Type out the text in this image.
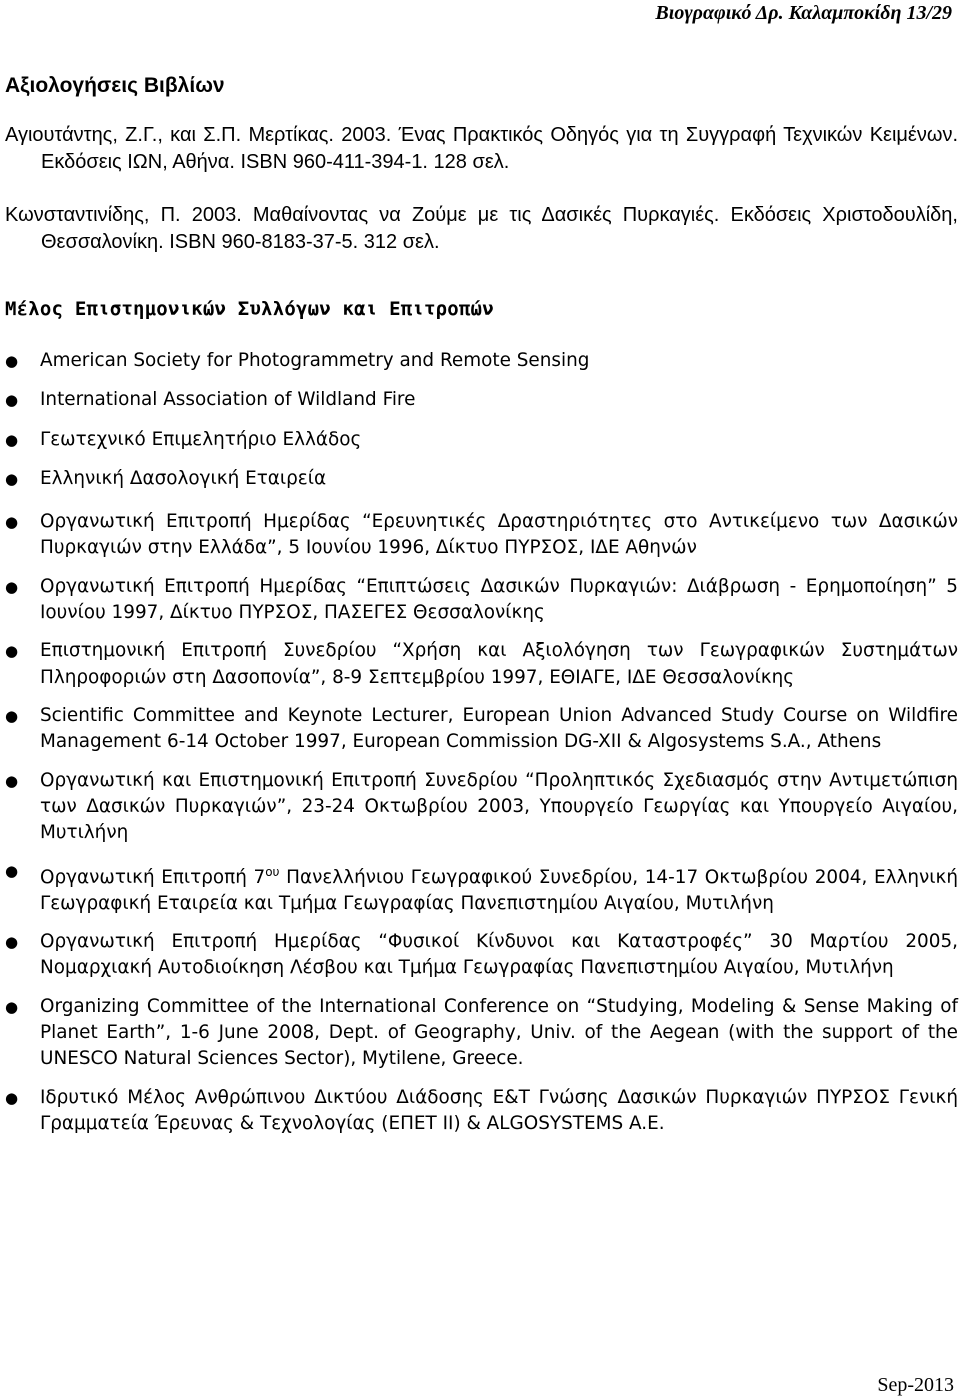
Βιογραφικό Δρ. Καλαμποκίδη 13/29
Αξιολογήσεις Βιβλίων

Αγιουτάντης, Ζ.Γ., και Σ.Π. Μερτίκας. 2003. Ένας Πρακτικός Οδηγός για τη Συγγραφή Τεχνικών Κειμένων. Εκδόσεις ΙΩΝ, Αθήνα. ISBN 960-411-394-1. 128 σελ.

Κωνσταντινίδης, Π. 2003. Μαθαίνοντας να Ζούμε με τις Δασικές Πυρκαγιές. Εκδόσεις Χριστοδουλίδη, Θεσσαλονίκη. ISBN 960-8183-37-5. 312 σελ.

Μέλος Επιστημονικών Συλλόγων και Επιτροπών
● American Society for Photogrammetry and Remote Sensing
● International Association of Wildland Fire
● Γεωτεχνικό Επιμελητήριο Ελλάδος
● Ελληνική Δασολογική Εταιρεία
● Οργανωτική Επιτροπή Ημερίδας “Ερευνητικές Δραστηριότητες στο Αντικείμενο των Δασικών Πυρκαγιών στην Ελλάδα”, 5 Ιουνίου 1996, Δίκτυο ΠΥΡΣΟΣ, ΙΔΕ Αθηνών
● Οργανωτική Επιτροπή Ημερίδας “Επιπτώσεις Δασικών Πυρκαγιών: Διάβρωση - Ερημοποίηση” 5 Ιουνίου 1997, Δίκτυο ΠΥΡΣΟΣ, ΠΑΣΕΓΕΣ Θεσσαλονίκης
● Επιστημονική Επιτροπή Συνεδρίου “Χρήση και Αξιολόγηση των Γεωγραφικών Συστημάτων Πληροφοριών στη Δασοπονία”, 8-9 Σεπτεμβρίου 1997, ΕΘΙΑΓΕ, ΙΔΕ Θεσσαλονίκης
● Scientific Committee and Keynote Lecturer, European Union Advanced Study Course on Wildfire Management 6-14 October 1997, European Commission DG-XII & Algosystems S.A., Athens
● Οργανωτική και Επιστημονική Επιτροπή Συνεδρίου “Προληπτικός Σχεδιασμός στην Αντιμετώπιση των Δασικών Πυρκαγιών”, 23-24 Οκτωβρίου 2003, Υπουργείο Γεωργίας και Υπουργείο Αιγαίου, Μυτιλήνη
● Οργανωτική Επιτροπή $7^{o\upsilon}$ Πανελλήνιου Γεωγραφικού Συνεδρίου, 14-17 Οκτωβρίου 2004, Ελληνική Γεωγραφική Εταιρεία και Τμήμα Γεωγραφίας Πανεπιστημίου Αιγαίου, Μυτιλήνη
● Οργανωτική Επιτροπή Ημερίδας “Φυσικοί Κίνδυνοι και Καταστροφές” 30 Μαρτίου 2005, Νομαρχιακή Αυτοδιοίκηση Λέσβου και Τμήμα Γεωγραφίας Πανεπιστημίου Αιγαίου, Μυτιλήνη
● Organizing Committee of the International Conference on “Studying, Modeling & Sense Making of Planet Earth”, 1-6 June 2008, Dept. of Geography, Univ. of the Aegean (with the support of the UNESCO Natural Sciences Sector), Mytilene, Greece.
● Ιδρυτικό Μέλος Ανθρώπινου Δικτύου Διάδοσης Ε&Τ Γνώσης Δασικών Πυρκαγιών ΠΥΡΣΟΣ Γενική Γραμματεία Έρευνας & Τεχνολογίας (ΕΠΕΤ ΙΙ) & ALGOSYSTEMS A.E.
Sep-2013
